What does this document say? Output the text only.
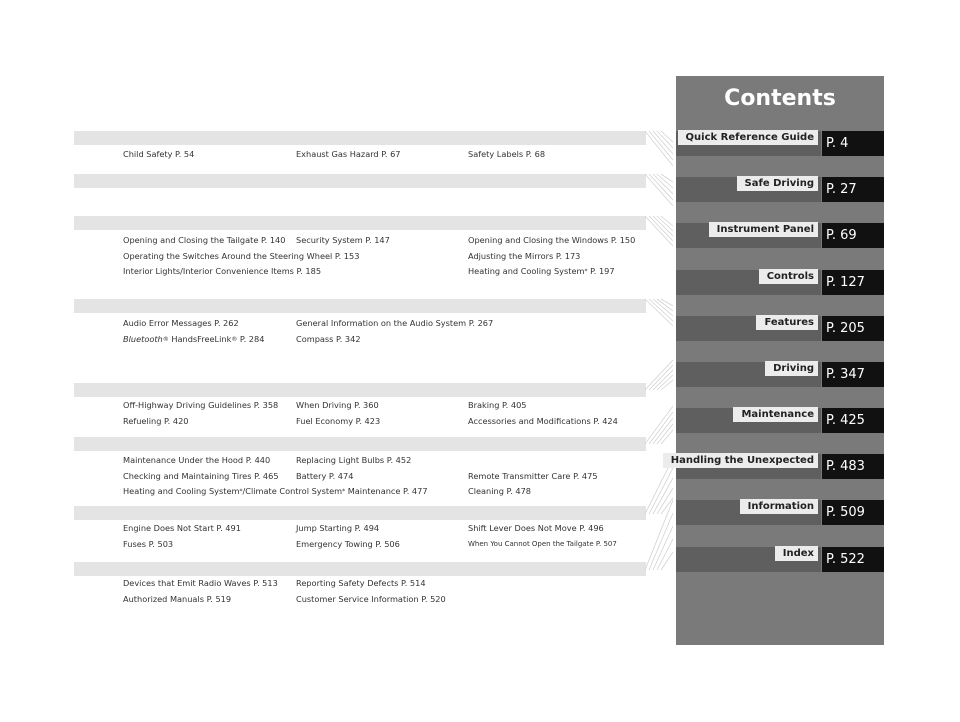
Child Safety P. 54	Exhaust Gas Hazard P. 67	Safety Labels P. 68
Opening and Closing the Tailgate P. 140 Security System P. 147	Opening and Closing the Windows P. 150
Operating the Switches Around the Steering Wheel P. 153	Adjusting the Mirrors P. 173
Interior Lights/Interior Convenience Items P. 185	Heating and Cooling System* P. 197
Audio Error Messages P. 262	General Information on the Audio System P. 267
Bluetooth® HandsFreeLink® P. 284	Compass P. 342
Off-Highway Driving Guidelines P. 358 When Driving P. 360	Braking P. 405
Refueling P. 420	Fuel Economy P. 423	Accessories and Modifications P. 424
Maintenance Under the Hood P. 440	Replacing Light Bulbs P. 452
Checking and Maintaining Tires P. 465 Battery P. 474	Remote Transmitter Care P. 475
Heating and Cooling System*/Climate Control System* Maintenance P. 477	Cleaning P. 478
Engine Does Not Start P. 491	Jump Starting P. 494	Shift Lever Does Not Move P. 496
Fuses P. 503	Emergency Towing P. 506	When You Cannot Open the Tailgate P. 507
Devices that Emit Radio Waves P. 513 Reporting Safety Defects P. 514
Authorized Manuals P. 519	Customer Service Information P. 520
Contents
Quick Reference Guide P. 4
Safe Driving P. 27
Instrument Panel P. 69
Controls P. 127
Features P. 205
Driving P. 347
Maintenance P. 425
Handling the Unexpected P. 483
Information P. 509
Index P. 522
